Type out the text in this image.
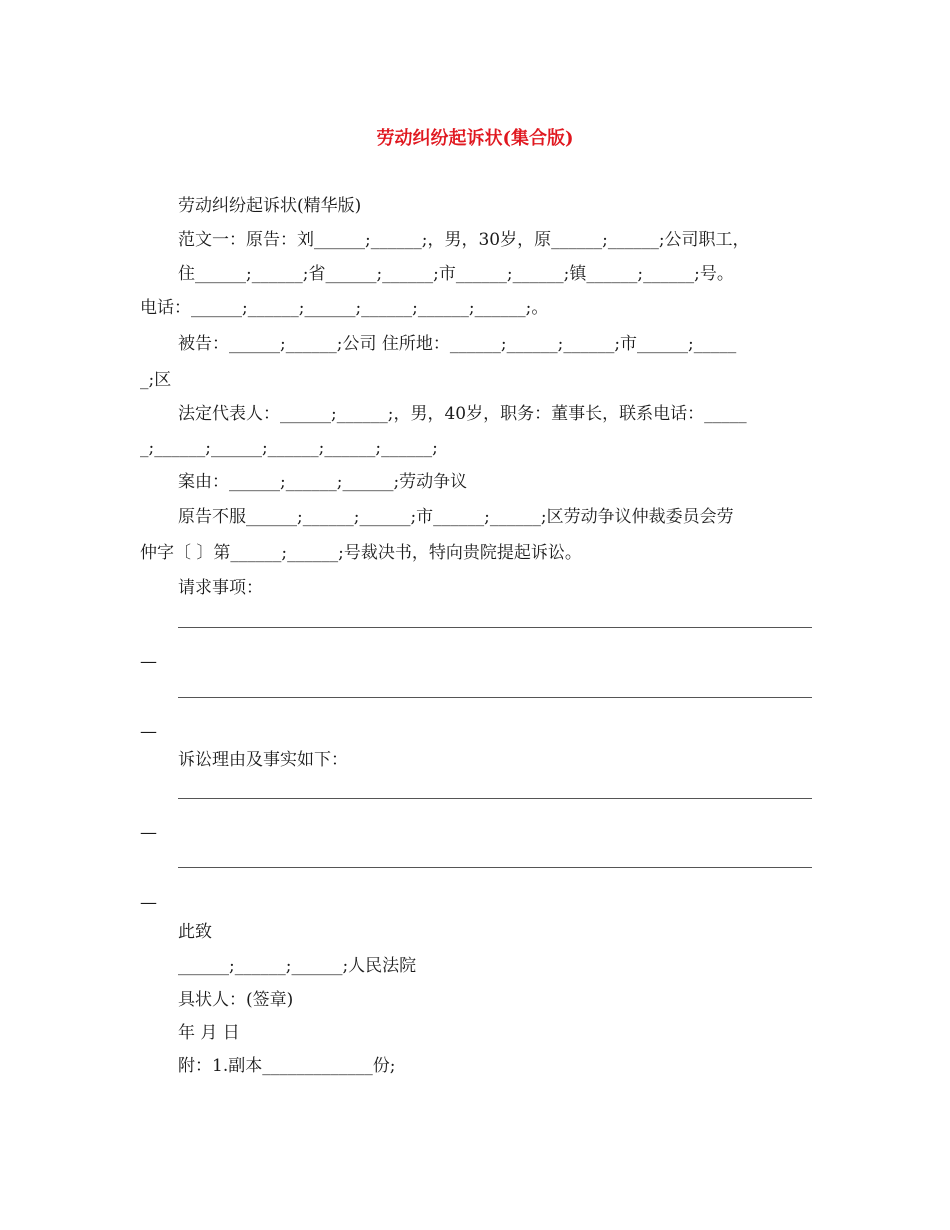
劳动纠纷起诉状(集合版)
劳动纠纷起诉状(精华版)
范文一：原告：刘______;______;，男，30岁，原______;______;公司职工，
住______;______;省______;______;市______;______;镇______;______;号。
电话：______;______;______;______;______;______;。
被告：______;______;公司 住所地：______;______;______;市______;_____
_;区
法定代表人：______;______;，男，40岁，职务：董事长，联系电话：_____
_;______;______;______;______;______;
案由：______;______;______;劳动争议
原告不服______;______;______;市______;______;区劳动争议仲裁委员会劳
仲字〔 〕第______;______;号裁决书，特向贵院提起诉讼。
请求事项：
—
—
诉讼理由及事实如下：
—
—
此致
______;______;______;人民法院
具状人：(签章)
年 月 日
附：1.副本_____________份;
